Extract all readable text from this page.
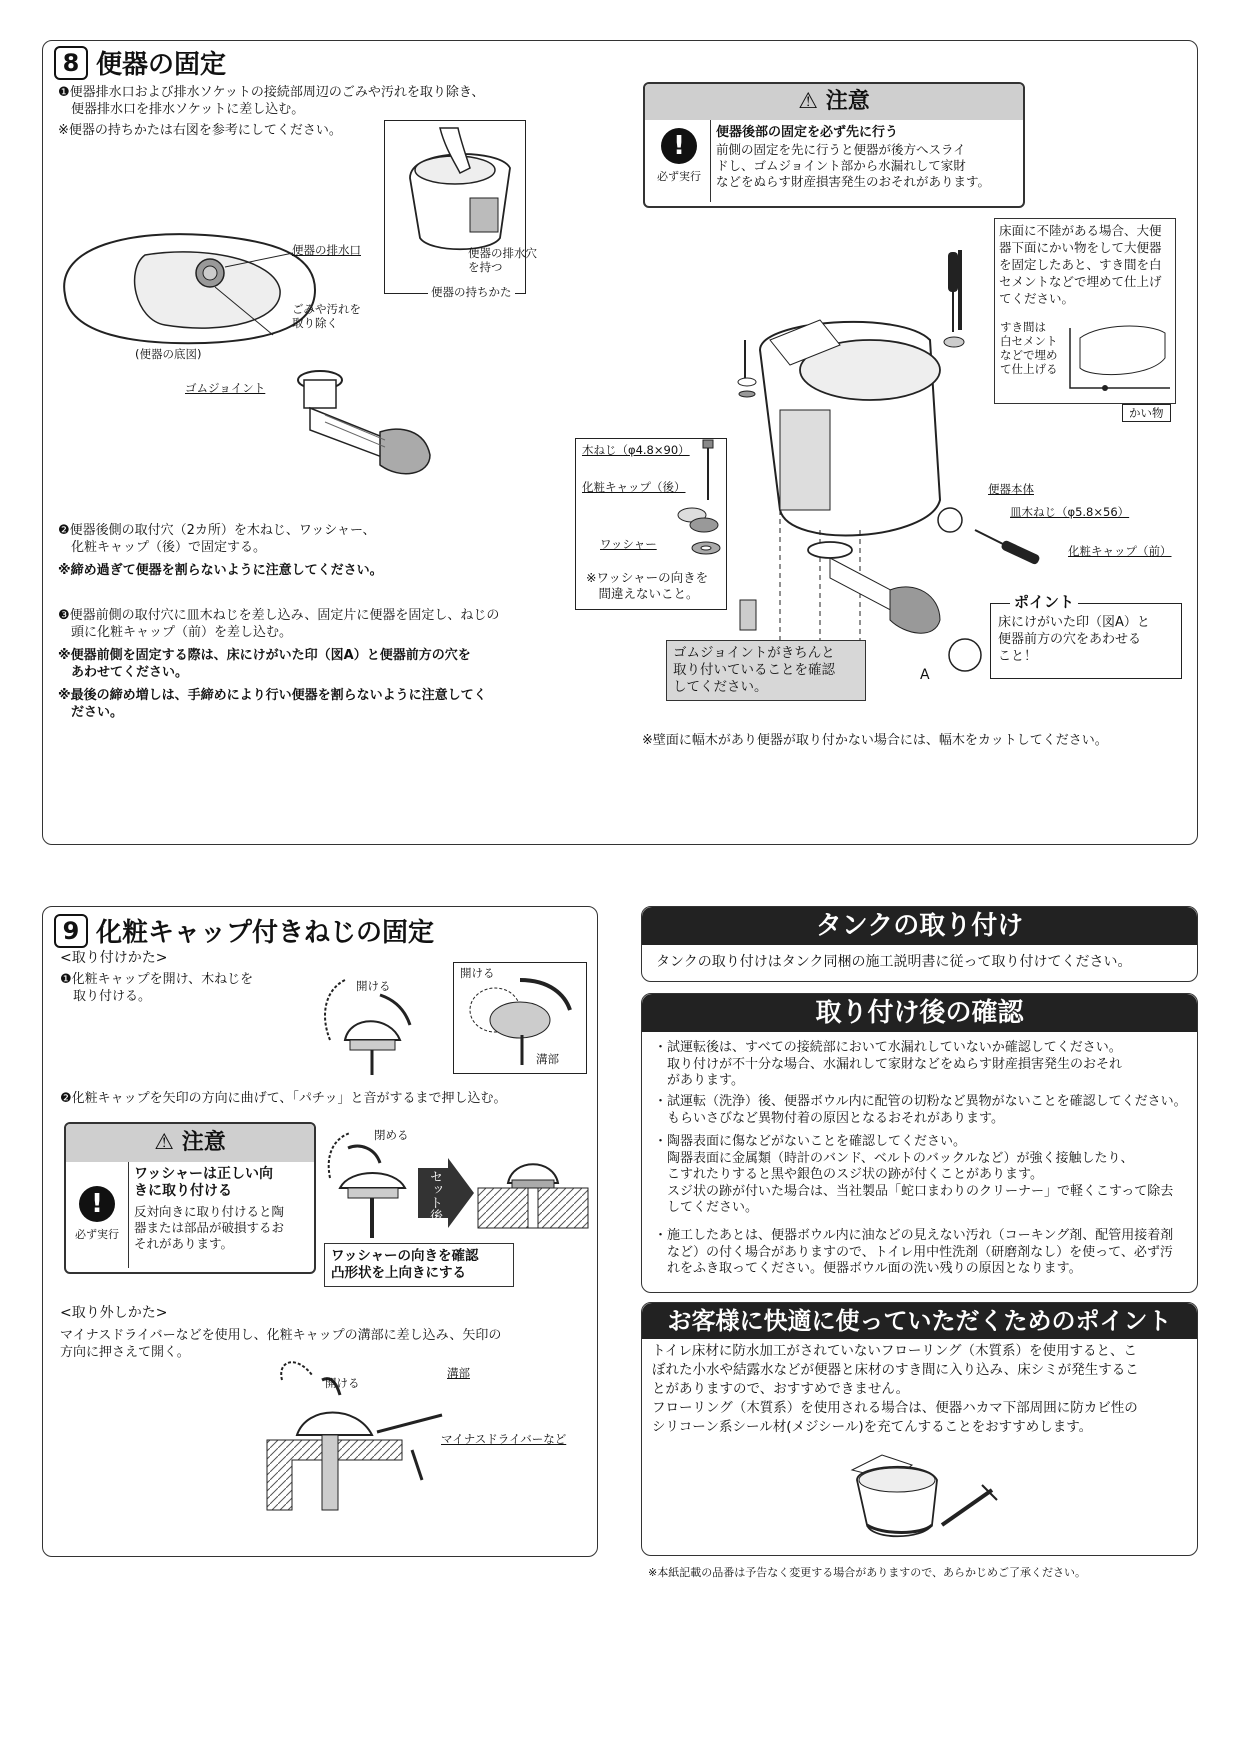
8 便器の固定
❶便器排水口および排水ソケットの接続部周辺のごみや汚れを取り除き、
　便器排水口を排水ソケットに差し込む。
※便器の持ちかたは右図を参考にしてください。
便器の排水口
ごみや汚れを
取り除く
(便器の底図)
ゴムジョイント
便器の排水穴
を持つ
便器の持ちかた
❷便器後側の取付穴（2カ所）を木ねじ、ワッシャー、
　化粧キャップ（後）で固定する。
※締め過ぎて便器を割らないように注意してください。
❸便器前側の取付穴に皿木ねじを差し込み、固定片に便器を固定し、ねじの
　頭に化粧キャップ（前）を差し込む。
※便器前側を固定する際は、床にけがいた印（図A）と便器前方の穴を
　あわせてください。
※最後の締め増しは、手締めにより行い便器を割らないように注意してく
　ださい。
⚠ 注意
!
必ず実行
便器後部の固定を必ず先に行う
前側の固定を先に行うと便器が後方へスライ
ドし、ゴムジョイント部から水漏れして家財
などをぬらす財産損害発生のおそれがあります。
床面に不陸がある場合、大便
器下面にかい物をして大便器
を固定したあと、すき間を白
セメントなどで埋めて仕上げ
てください。
すき間は
白セメント
などで埋め
て仕上げる
かい物
木ねじ（φ4.8×90）
化粧キャップ（後）
ワッシャー
※ワッシャーの向きを
　間違えないこと。
便器本体
皿木ねじ（φ5.8×56）
化粧キャップ（前）
ポイント
床にけがいた印（図A）と
便器前方の穴をあわせる
こと！
ゴムジョイントがきちんと
取り付いていることを確認
してください。
A
※壁面に幅木があり便器が取り付かない場合には、幅木をカットしてください。
9 化粧キャップ付きねじの固定
<取り付けかた>
❶化粧キャップを開け、木ねじを
　取り付ける。
開ける
開ける
溝部
❷化粧キャップを矢印の方向に曲げて、「パチッ」と音がするまで押し込む。
⚠ 注意
!
必ず実行
ワッシャーは正しい向
きに取り付ける
反対向きに取り付けると陶
器または部品が破損するお
それがあります。
閉める
セット後
ワッシャーの向きを確認
凸形状を上向きにする
<取り外しかた>
マイナスドライバーなどを使用し、化粧キャップの溝部に差し込み、矢印の
方向に押さえて開く。
開ける
溝部
マイナスドライバーなど
タンクの取り付け
タンクの取り付けはタンク同梱の施工説明書に従って取り付けてください。
取り付け後の確認
・試運転後は、すべての接続部において水漏れしていないか確認してください。
　取り付けが不十分な場合、水漏れして家財などをぬらす財産損害発生のおそれ
　があります。
・試運転（洗浄）後、便器ボウル内に配管の切粉など異物がないことを確認してください。
　もらいさびなど異物付着の原因となるおそれがあります。
・陶器表面に傷などがないことを確認してください。
　陶器表面に金属類（時計のバンド、ベルトのバックルなど）が強く接触したり、
　こすれたりすると黒や銀色のスジ状の跡が付くことがあります。
　スジ状の跡が付いた場合は、当社製品「蛇口まわりのクリーナー」で軽くこすって除去
　してください。
・施工したあとは、便器ボウル内に油などの見えない汚れ（コーキング剤、配管用接着剤
　など）の付く場合がありますので、トイレ用中性洗剤（研磨剤なし）を使って、必ず汚
　れをふき取ってください。便器ボウル面の洗い残りの原因となります。
お客様に快適に使っていただくためのポイント
トイレ床材に防水加工がされていないフローリング（木質系）を使用すると、こ
ぼれた小水や結露水などが便器と床材のすき間に入り込み、床シミが発生するこ
とがありますので、おすすめできません。
フローリング（木質系）を使用される場合は、便器ハカマ下部周囲に防カビ性の
シリコーン系シール材(メジシール)を充てんすることをおすすめします。
※本紙記載の品番は予告なく変更する場合がありますので、あらかじめご了承ください。
